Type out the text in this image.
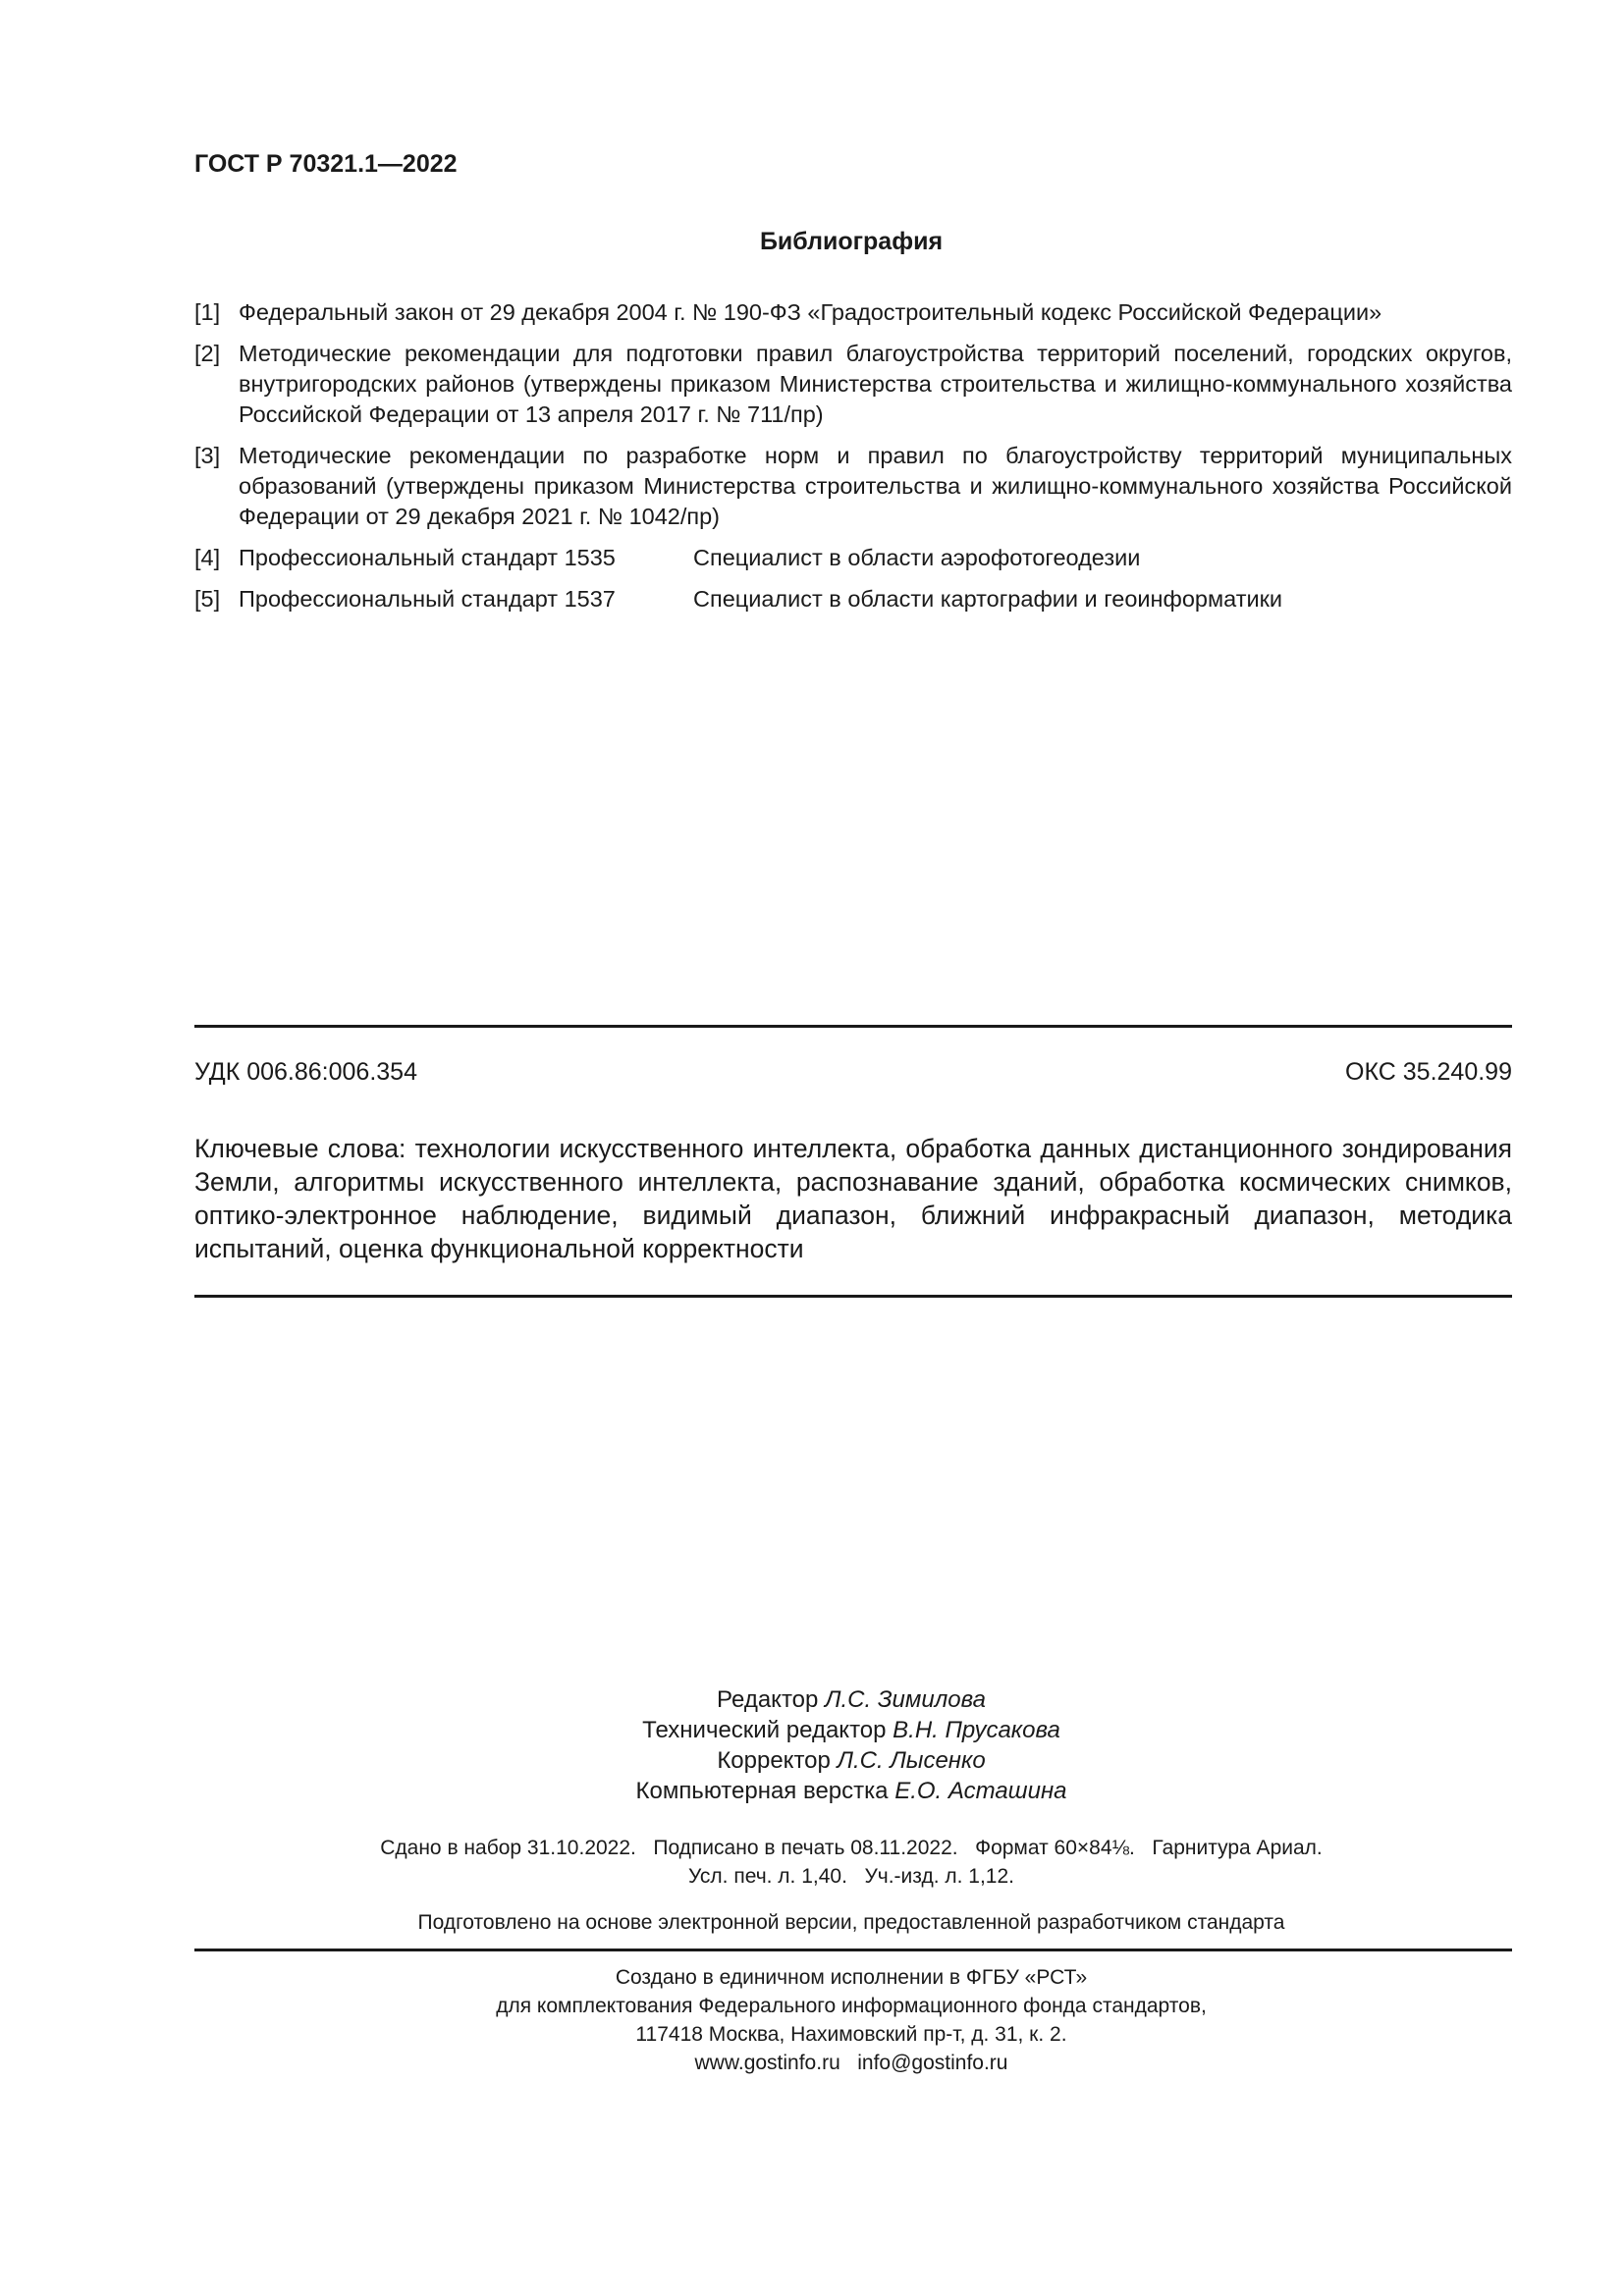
ГОСТ Р 70321.1—2022
Библиография
[1] Федеральный закон от 29 декабря 2004 г. № 190-ФЗ «Градостроительный кодекс Российской Федерации»
[2] Методические рекомендации для подготовки правил благоустройства территорий поселений, городских округов, внутригородских районов (утверждены приказом Министерства строительства и жилищно-коммунального хозяйства Российской Федерации от 13 апреля 2017 г. № 711/пр)
[3] Методические рекомендации по разработке норм и правил по благоустройству территорий муниципальных образований (утверждены приказом Министерства строительства и жилищно-коммунального хозяйства Российской Федерации от 29 декабря 2021 г. № 1042/пр)
[4] Профессиональный стандарт 1535	Специалист в области аэрофотогеодезии
[5] Профессиональный стандарт 1537	Специалист в области картографии и геоинформатики
УДК 006.86:006.354	ОКС 35.240.99
Ключевые слова: технологии искусственного интеллекта, обработка данных дистанционного зондирования Земли, алгоритмы искусственного интеллекта, распознавание зданий, обработка космических снимков, оптико-электронное наблюдение, видимый диапазон, ближний инфракрасный диапазон, методика испытаний, оценка функциональной корректности
Редактор Л.С. Зимилова
Технический редактор В.Н. Прусакова
Корректор Л.С. Лысенко
Компьютерная верстка Е.О. Асташина
Сдано в набор 31.10.2022.   Подписано в печать 08.11.2022.   Формат 60×84⅛.   Гарнитура Ариал.
Усл. печ. л. 1,40.   Уч.-изд. л. 1,12.
Подготовлено на основе электронной версии, предоставленной разработчиком стандарта
Создано в единичном исполнении в ФГБУ «РСТ»
для комплектования Федерального информационного фонда стандартов,
117418 Москва, Нахимовский пр-т, д. 31, к. 2.
www.gostinfo.ru   info@gostinfo.ru
